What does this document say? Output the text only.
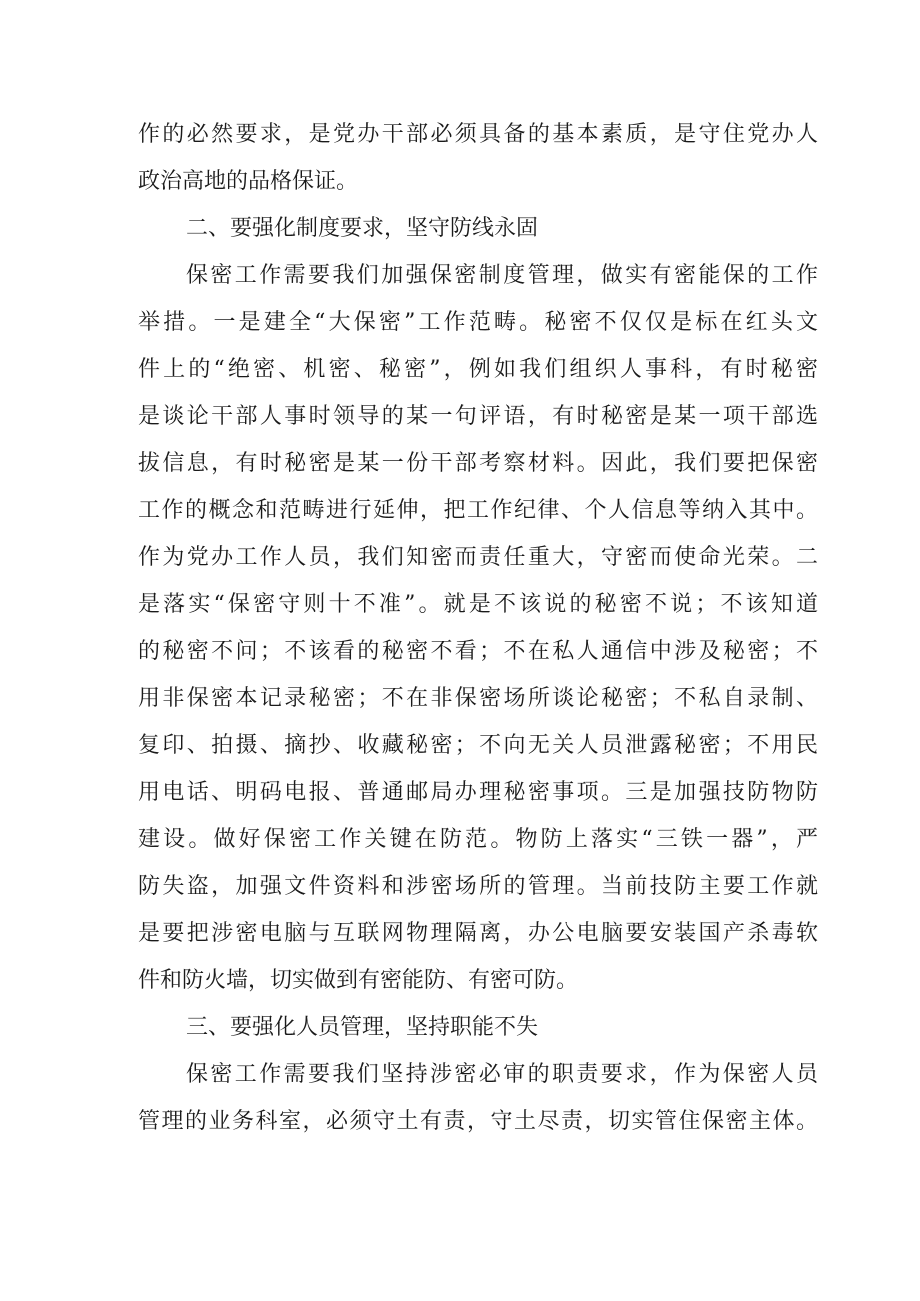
作的必然要求，是党办干部必须具备的基本素质，是守住党办人
政治高地的品格保证。
二、要强化制度要求，坚守防线永固
保密工作需要我们加强保密制度管理，做实有密能保的工作
举措。一是建全“大保密”工作范畴。秘密不仅仅是标在红头文
件上的“绝密、机密、秘密”，例如我们组织人事科，有时秘密
是谈论干部人事时领导的某一句评语，有时秘密是某一项干部选
拔信息，有时秘密是某一份干部考察材料。因此，我们要把保密
工作的概念和范畴进行延伸，把工作纪律、个人信息等纳入其中。
作为党办工作人员，我们知密而责任重大，守密而使命光荣。二
是落实“保密守则十不准”。就是不该说的秘密不说；不该知道
的秘密不问；不该看的秘密不看；不在私人通信中涉及秘密；不
用非保密本记录秘密；不在非保密场所谈论秘密；不私自录制、
复印、拍摄、摘抄、收藏秘密；不向无关人员泄露秘密；不用民
用电话、明码电报、普通邮局办理秘密事项。三是加强技防物防
建设。做好保密工作关键在防范。物防上落实“三铁一器”，严
防失盗，加强文件资料和涉密场所的管理。当前技防主要工作就
是要把涉密电脑与互联网物理隔离，办公电脑要安装国产杀毒软
件和防火墙，切实做到有密能防、有密可防。
三、要强化人员管理，坚持职能不失
保密工作需要我们坚持涉密必审的职责要求，作为保密人员
管理的业务科室，必须守土有责，守土尽责，切实管住保密主体。
